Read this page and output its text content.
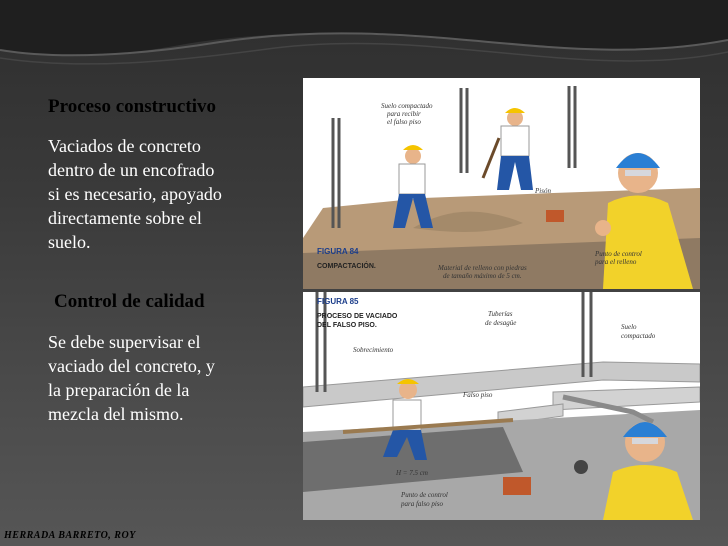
Proceso constructivo
Vaciados de concreto
dentro de un encofrado
si es necesario, apoyado
directamente sobre el
suelo.
Control de calidad
Se debe supervisar el
vaciado del concreto, y
la preparación de la
mezcla del mismo.
Suelo compactado
para recibir
el falso piso
Pisón
FIGURA 84
COMPACTACIÓN.	Material de relleno con piedras
de tamaño máximo de 5 cm.
Punto de control
para el relleno
FIGURA 85
PROCESO DE VACIADO
DEL FALSO PISO.
Sobrecimiento
Tuberías
de desagüe	Suelo
compactado
Falso piso
H = 7.5 cm
Punto de control
para falso piso
HERRADA BARRETO, ROY
